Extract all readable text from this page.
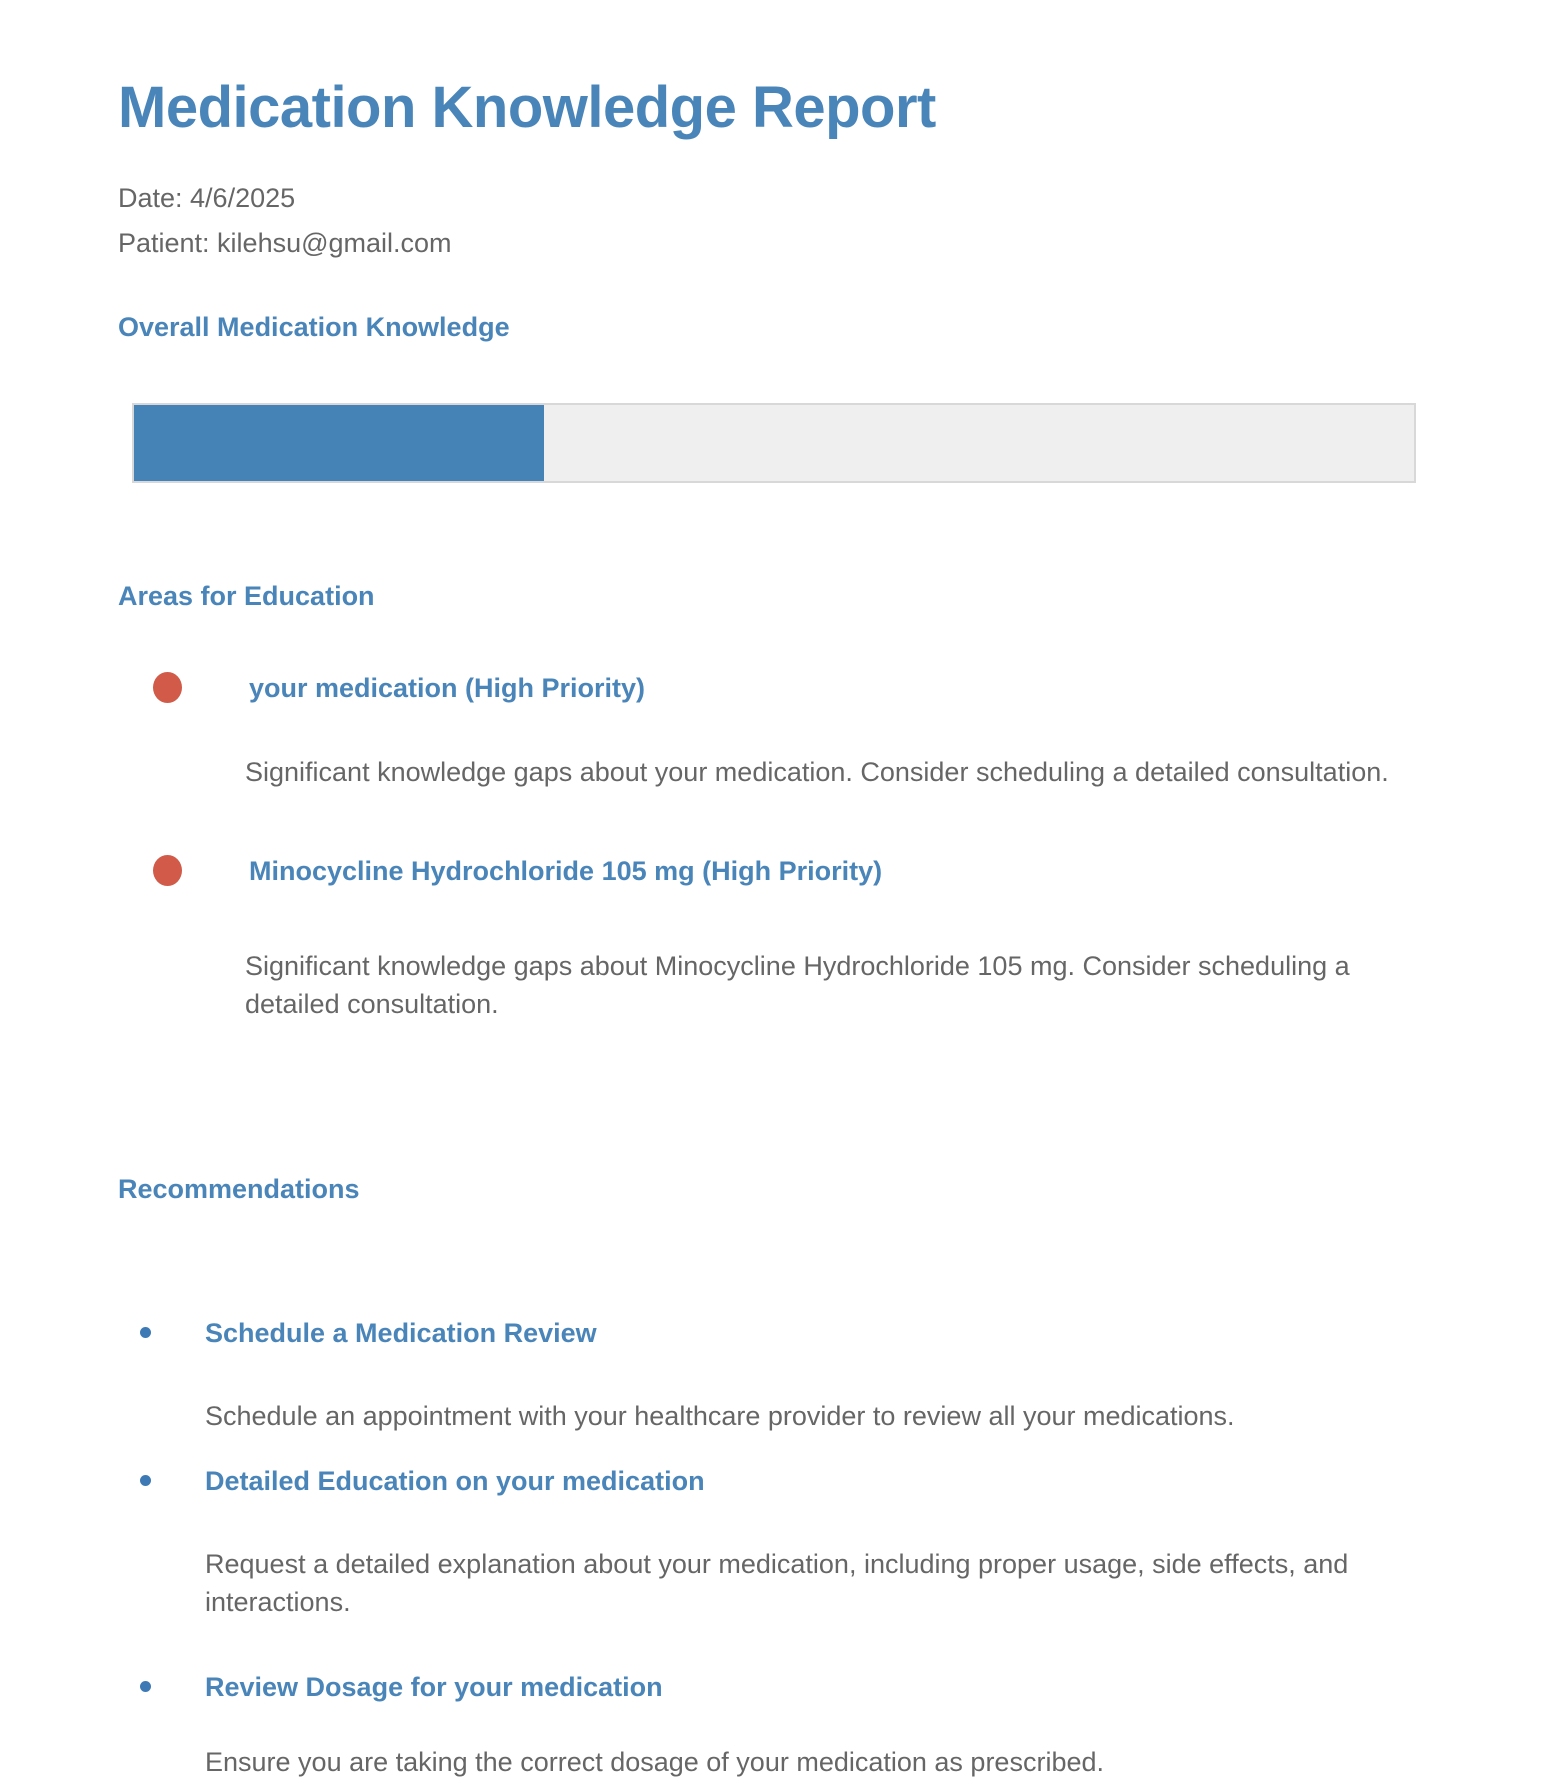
Medication Knowledge Report

Date: 4/6/2025

Patient: kilehsu@gmail.com

Overall Medication Knowledge
Areas for Education
your medication (High Priority)

Significant knowledge gaps about your medication. Consider scheduling a detailed consultation.

Minocycline Hydrochloride 105 mg (High Priority)

Significant knowledge gaps about Minocycline Hydrochloride 105 mg. Consider scheduling a detailed consultation.

Recommendations
Schedule a Medication Review

Schedule an appointment with your healthcare provider to review all your medications.

Detailed Education on your medication

Request a detailed explanation about your medication, including proper usage, side effects, and interactions.

Review Dosage for your medication

Ensure you are taking the correct dosage of your medication as prescribed.
